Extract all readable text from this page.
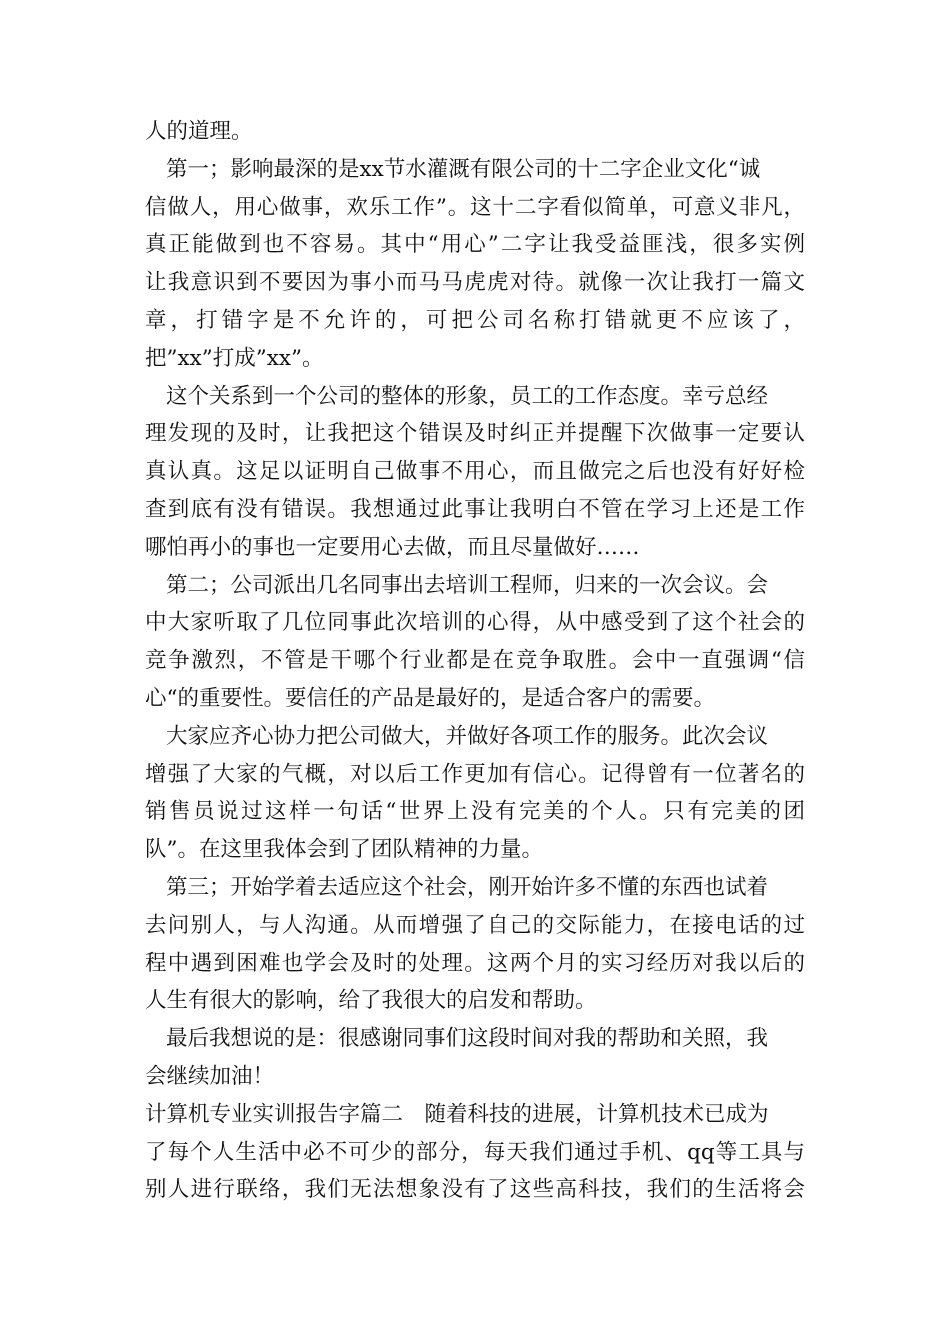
人的道理。
第一；影响最深的是xx节水灌溉有限公司的十二字企业文化“诚
信做人，用心做事，欢乐工作”。这十二字看似简单，可意义非凡，
真正能做到也不容易。其中“用心”二字让我受益匪浅，很多实例
让我意识到不要因为事小而马马虎虎对待。就像一次让我打一篇文
章，打错字是不允许的，可把公司名称打错就更不应该了，
把”xx”打成”xx”。
这个关系到一个公司的整体的形象，员工的工作态度。幸亏总经
理发现的及时，让我把这个错误及时纠正并提醒下次做事一定要认
真认真。这足以证明自己做事不用心，而且做完之后也没有好好检
查到底有没有错误。我想通过此事让我明白不管在学习上还是工作
哪怕再小的事也一定要用心去做，而且尽量做好……
第二；公司派出几名同事出去培训工程师，归来的一次会议。会
中大家听取了几位同事此次培训的心得，从中感受到了这个社会的
竞争激烈，不管是干哪个行业都是在竞争取胜。会中一直强调“信
心“的重要性。要信任的产品是最好的，是适合客户的需要。
大家应齐心协力把公司做大，并做好各项工作的服务。此次会议
增强了大家的气概，对以后工作更加有信心。记得曾有一位著名的
销售员说过这样一句话“世界上没有完美的个人。只有完美的团
队”。在这里我体会到了团队精神的力量。
第三；开始学着去适应这个社会，刚开始许多不懂的东西也试着
去问别人，与人沟通。从而增强了自己的交际能力，在接电话的过
程中遇到困难也学会及时的处理。这两个月的实习经历对我以后的
人生有很大的影响，给了我很大的启发和帮助。
最后我想说的是：很感谢同事们这段时间对我的帮助和关照，我
会继续加油！
计算机专业实训报告字篇二　随着科技的进展，计算机技术已成为
了每个人生活中必不可少的部分，每天我们通过手机、qq等工具与
别人进行联络，我们无法想象没有了这些高科技，我们的生活将会
